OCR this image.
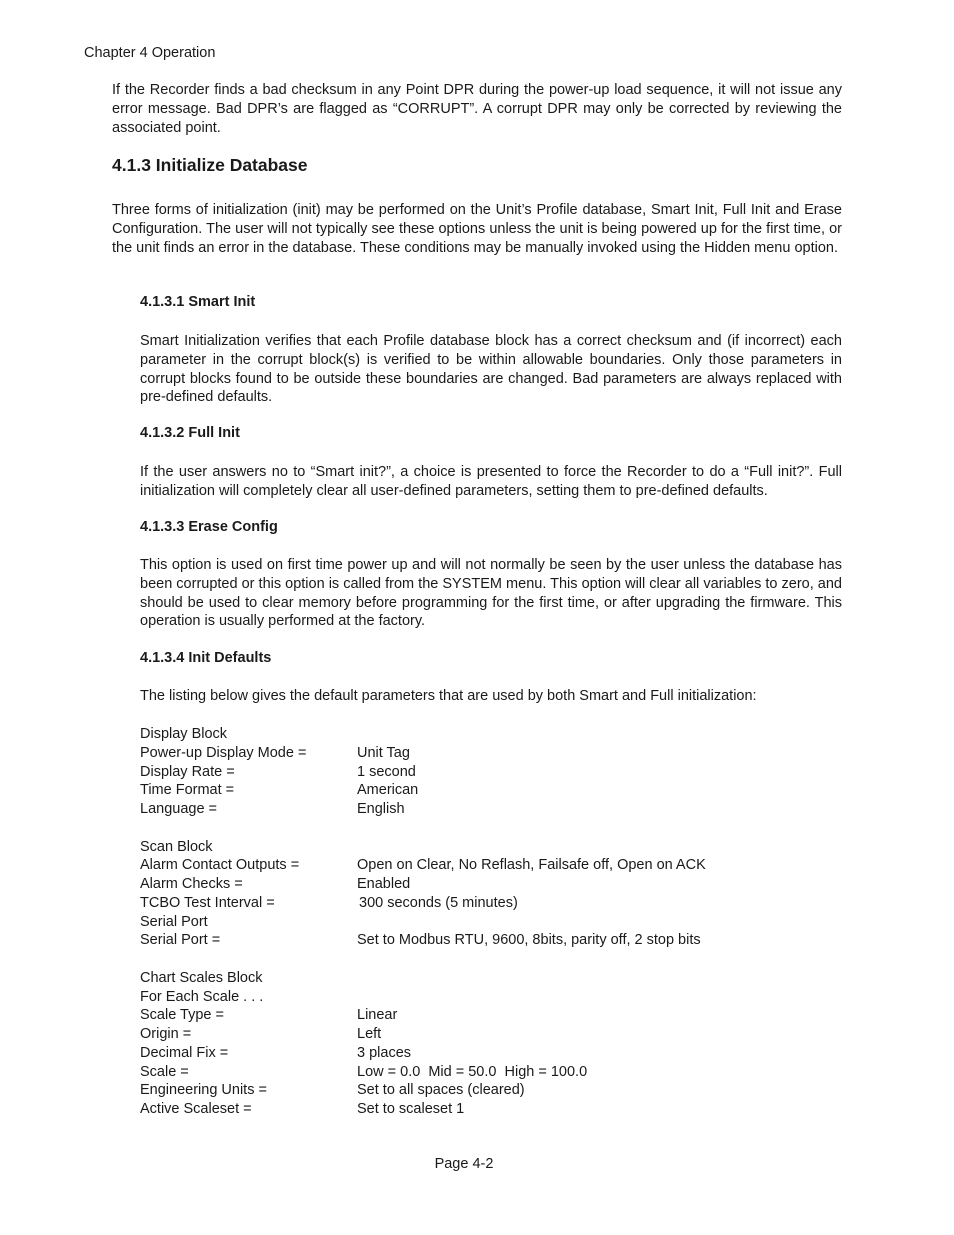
Chapter 4 Operation
If the Recorder finds a bad checksum in any Point DPR during the power-up load sequence, it will not issue any error message. Bad DPR’s are flagged as “CORRUPT”. A corrupt DPR may only be corrected by reviewing the associated point.
4.1.3 Initialize Database
Three forms of initialization (init) may be performed on the Unit’s Profile database, Smart Init, Full Init and Erase Configuration. The user will not typically see these options unless the unit is being powered up for the first time, or the unit finds an error in the database. These conditions may be manually invoked using the Hidden menu option.
4.1.3.1 Smart Init
Smart Initialization verifies that each Profile database block has a correct checksum and (if incorrect) each parameter in the corrupt block(s) is verified to be within allowable boundaries. Only those parameters in corrupt blocks found to be outside these boundaries are changed. Bad parameters are always replaced with pre-defined defaults.
4.1.3.2 Full Init
If the user answers no to “Smart init?”, a choice is presented to force the Recorder to do a “Full init?”. Full initialization will completely clear all user-defined parameters, setting them to pre-defined defaults.
4.1.3.3 Erase Config
This option is used on first time power up and will not normally be seen by the user unless the database has been corrupted or this option is called from the SYSTEM menu. This option will clear all variables to zero, and should be used to clear memory before programming for the first time, or after upgrading the firmware. This operation is usually performed at the factory.
4.1.3.4 Init Defaults
The listing below gives the default parameters that are used by both Smart and Full initialization:
Display Block
Power-up Display Mode =	Unit Tag
Display Rate =	1 second
Time Format =	American
Language =	English
Scan Block
Alarm Contact Outputs =	Open on Clear, No Reflash, Failsafe off, Open on ACK
Alarm Checks =	Enabled
TCBO Test Interval =	300 seconds (5 minutes)
Serial Port
Serial Port =	Set to Modbus RTU, 9600, 8bits, parity off, 2 stop bits
Chart Scales Block
For Each Scale . . .
Scale Type =	Linear
Origin =	Left
Decimal Fix =	3 places
Scale =	Low = 0.0  Mid = 50.0  High = 100.0
Engineering Units =	Set to all spaces (cleared)
Active Scaleset =	Set to scaleset 1
Page 4-2
